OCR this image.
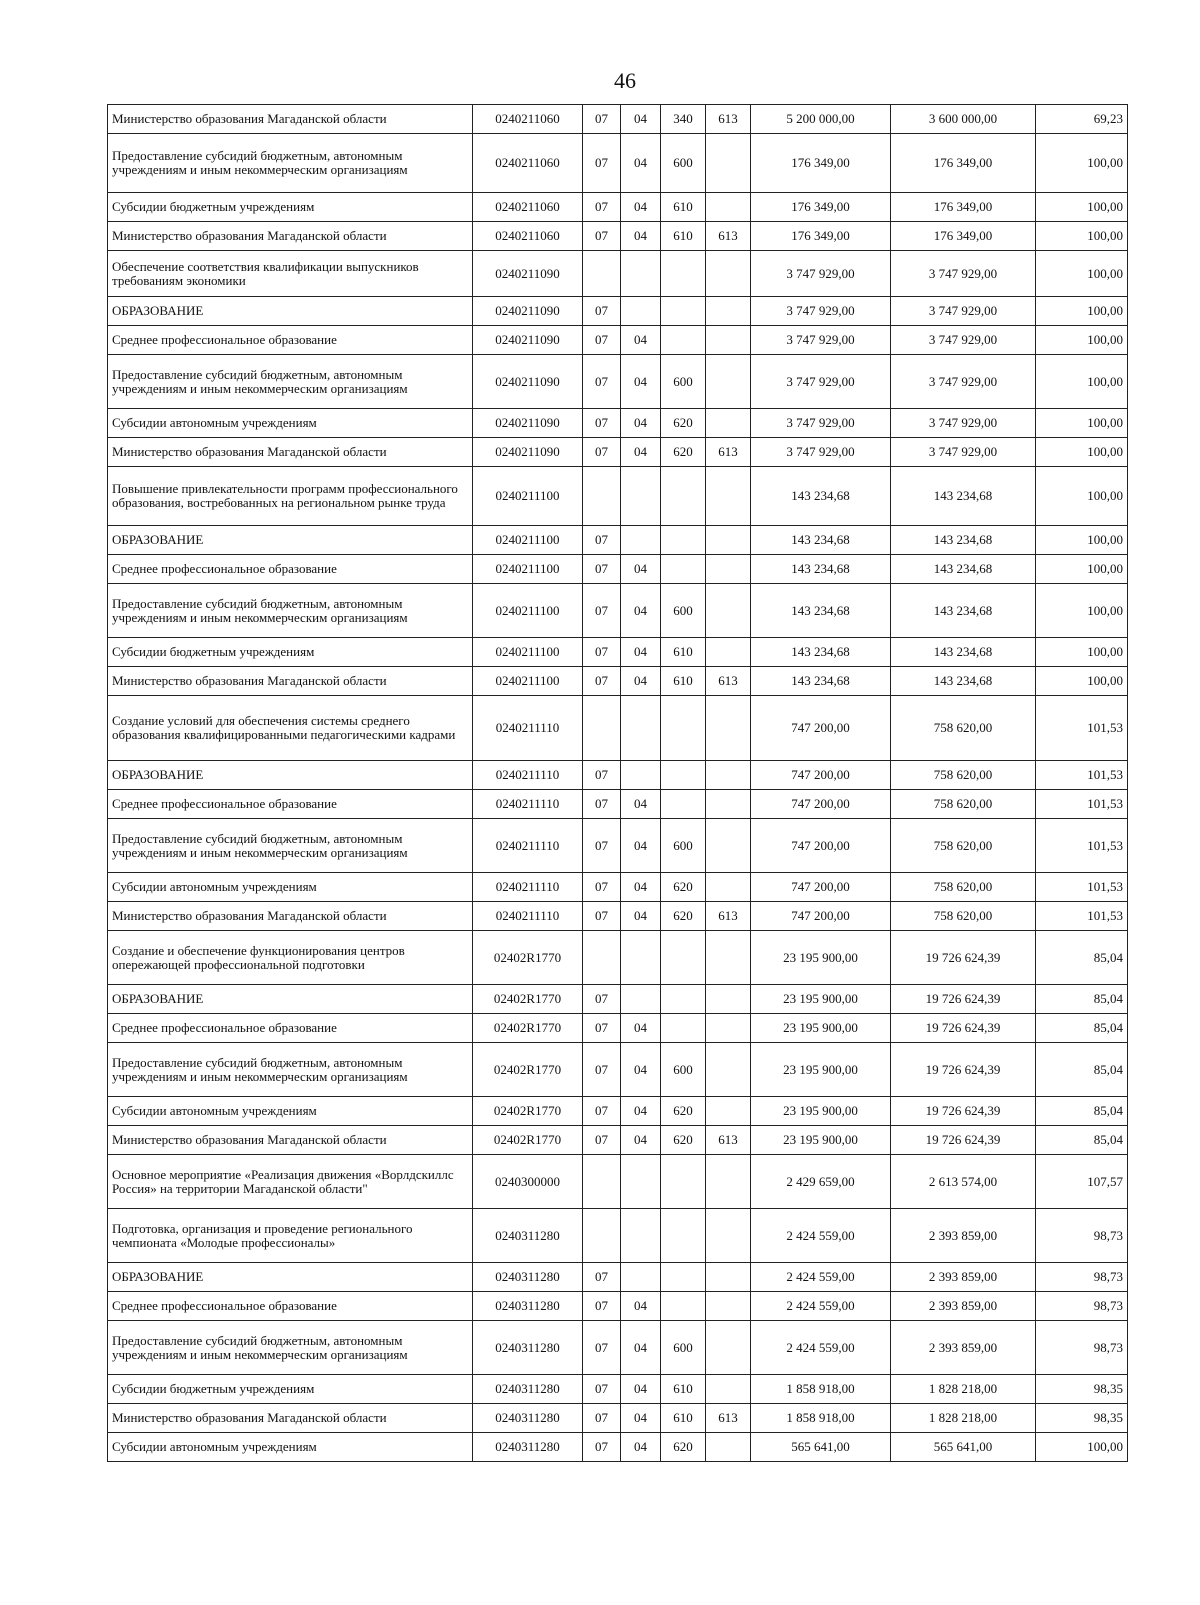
46
Министерство образования Магаданской области	0240211060	07	04	340	613	5 200 000,00	3 600 000,00	69,23
Предоставление субсидий бюджетным, автономным учреждениям и иным некоммерческим организациям	0240211060	07	04	600		176 349,00	176 349,00	100,00
Субсидии бюджетным учреждениям	0240211060	07	04	610		176 349,00	176 349,00	100,00
Министерство образования Магаданской области	0240211060	07	04	610	613	176 349,00	176 349,00	100,00
Обеспечение соответствия квалификации выпускников требованиям экономики	0240211090					3 747 929,00	3 747 929,00	100,00
ОБРАЗОВАНИЕ	0240211090	07				3 747 929,00	3 747 929,00	100,00
Среднее профессиональное образование	0240211090	07	04			3 747 929,00	3 747 929,00	100,00
Предоставление субсидий бюджетным, автономным учреждениям и иным некоммерческим организациям	0240211090	07	04	600		3 747 929,00	3 747 929,00	100,00
Субсидии автономным учреждениям	0240211090	07	04	620		3 747 929,00	3 747 929,00	100,00
Министерство образования Магаданской области	0240211090	07	04	620	613	3 747 929,00	3 747 929,00	100,00
Повышение привлекательности программ профессионального образования, востребованных на региональном рынке труда	0240211100					143 234,68	143 234,68	100,00
ОБРАЗОВАНИЕ	0240211100	07				143 234,68	143 234,68	100,00
Среднее профессиональное образование	0240211100	07	04			143 234,68	143 234,68	100,00
Предоставление субсидий бюджетным, автономным учреждениям и иным некоммерческим организациям	0240211100	07	04	600		143 234,68	143 234,68	100,00
Субсидии бюджетным учреждениям	0240211100	07	04	610		143 234,68	143 234,68	100,00
Министерство образования Магаданской области	0240211100	07	04	610	613	143 234,68	143 234,68	100,00
Создание условий для обеспечения системы среднего образования квалифицированными педагогическими кадрами	0240211110					747 200,00	758 620,00	101,53
ОБРАЗОВАНИЕ	0240211110	07				747 200,00	758 620,00	101,53
Среднее профессиональное образование	0240211110	07	04			747 200,00	758 620,00	101,53
Предоставление субсидий бюджетным, автономным учреждениям и иным некоммерческим организациям	0240211110	07	04	600		747 200,00	758 620,00	101,53
Субсидии автономным учреждениям	0240211110	07	04	620		747 200,00	758 620,00	101,53
Министерство образования Магаданской области	0240211110	07	04	620	613	747 200,00	758 620,00	101,53
Создание и обеспечение функционирования центров опережающей профессиональной подготовки	02402R1770					23 195 900,00	19 726 624,39	85,04
ОБРАЗОВАНИЕ	02402R1770	07				23 195 900,00	19 726 624,39	85,04
Среднее профессиональное образование	02402R1770	07	04			23 195 900,00	19 726 624,39	85,04
Предоставление субсидий бюджетным, автономным учреждениям и иным некоммерческим организациям	02402R1770	07	04	600		23 195 900,00	19 726 624,39	85,04
Субсидии автономным учреждениям	02402R1770	07	04	620		23 195 900,00	19 726 624,39	85,04
Министерство образования Магаданской области	02402R1770	07	04	620	613	23 195 900,00	19 726 624,39	85,04
Основное мероприятие «Реализация движения «Ворлдскиллс Россия» на территории Магаданской области"	0240300000					2 429 659,00	2 613 574,00	107,57
Подготовка, организация и проведение регионального чемпионата «Молодые профессионалы»	0240311280					2 424 559,00	2 393 859,00	98,73
ОБРАЗОВАНИЕ	0240311280	07				2 424 559,00	2 393 859,00	98,73
Среднее профессиональное образование	0240311280	07	04			2 424 559,00	2 393 859,00	98,73
Предоставление субсидий бюджетным, автономным учреждениям и иным некоммерческим организациям	0240311280	07	04	600		2 424 559,00	2 393 859,00	98,73
Субсидии бюджетным учреждениям	0240311280	07	04	610		1 858 918,00	1 828 218,00	98,35
Министерство образования Магаданской области	0240311280	07	04	610	613	1 858 918,00	1 828 218,00	98,35
Субсидии автономным учреждениям	0240311280	07	04	620		565 641,00	565 641,00	100,00
